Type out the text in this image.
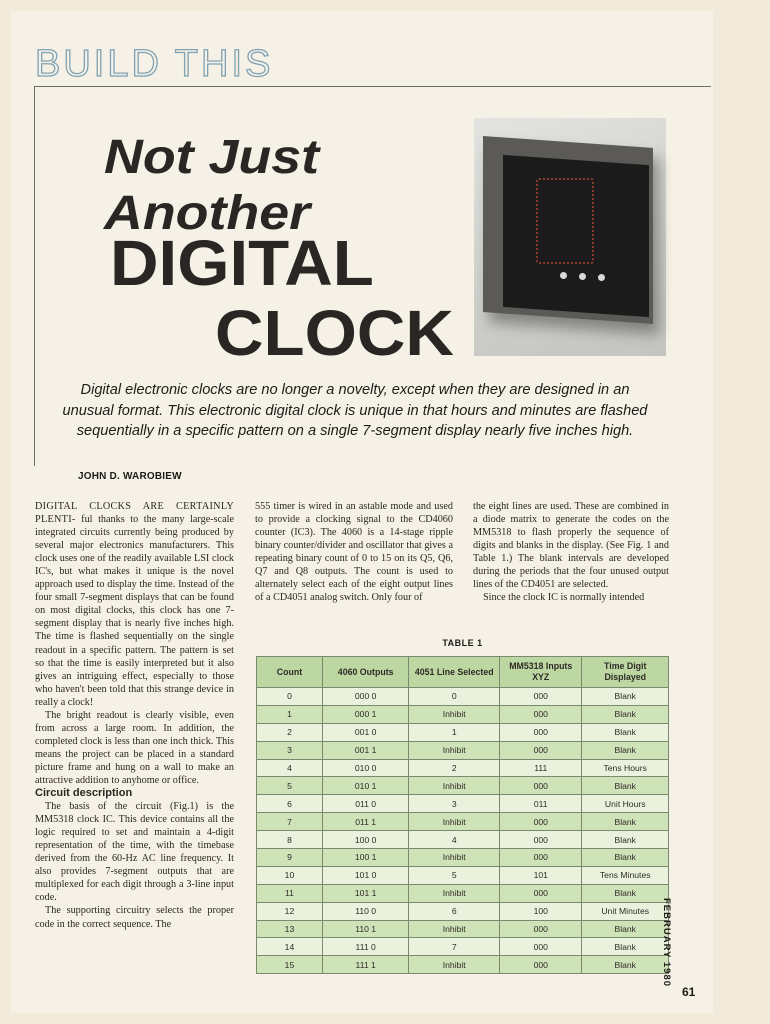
BUILD THIS
Not Just
Another
DIGITAL
CLOCK
Digital electronic clocks are no longer a novelty, except when they are designed in an unusual format. This electronic digital clock is unique in that hours and minutes are flashed sequentially in a specific pattern on a single 7-segment display nearly five inches high.
JOHN D. WAROBIEW

DIGITAL CLOCKS ARE CERTAINLY PLENTI- ful thanks to the many large-scale integrated circuits currently being produced by several major electronics manufacturers. This clock uses one of the readily available LSI clock IC's, but what makes it unique is the novel approach used to display the time. Instead of the four small 7-segment displays that can be found on most digital clocks, this clock has one 7-segment display that is nearly five inches high. The time is flashed sequentially on the single readout in a specific pattern. The pattern is set so that the time is easily interpreted but it also gives an intriguing effect, especially to those who haven't been told that this strange device in really a clock!

The bright readout is clearly visible, even from across a large room. In addition, the completed clock is less than one inch thick. This means the project can be placed in a standard picture frame and hung on a wall to make an attractive addition to anyhome or office.

Circuit description

The basis of the circuit (Fig.1) is the MM5318 clock IC. This device contains all the logic required to set and maintain a 4-digit representation of the time, with the timebase derived from the 60-Hz AC line frequency. It also provides 7-segment outputs that are multiplexed for each digit through a 3-line input code.

The supporting circuitry selects the proper code in the correct sequence. The

555 timer is wired in an astable mode and used to provide a clocking signal to the CD4060 counter (IC3). The 4060 is a 14-stage ripple binary counter/divider and oscillator that gives a repeating binary count of 0 to 15 on its Q5, Q6, Q7 and Q8 outputs. The count is used to alternately select each of the eight output lines of a CD4051 analog switch. Only four of

the eight lines are used. These are combined in a diode matrix to generate the codes on the MM5318 to flash properly the sequence of digits and blanks in the display. (See Fig. 1 and Table 1.) The blank intervals are developed during the periods that the four unused output lines of the CD4051 are selected.

Since the clock IC is normally intended

TABLE 1
Count	4060 Outputs	4051 Line Selected	MM5318 Inputs XYZ	Time Digit Displayed
0	000 0	0	000	Blank
1	000 1	Inhibit	000	Blank
2	001 0	1	000	Blank
3	001 1	Inhibit	000	Blank
4	010 0	2	111	Tens Hours
5	010 1	Inhibit	000	Blank
6	011 0	3	011	Unit Hours
7	011 1	Inhibit	000	Blank
8	100 0	4	000	Blank
9	100 1	Inhibit	000	Blank
10	101 0	5	101	Tens Minutes
11	101 1	Inhibit	000	Blank
12	110 0	6	100	Unit Minutes
13	110 1	Inhibit	000	Blank
14	111 0	7	000	Blank
15	111 1	Inhibit	000	Blank	FEBRUARY 1980
61
